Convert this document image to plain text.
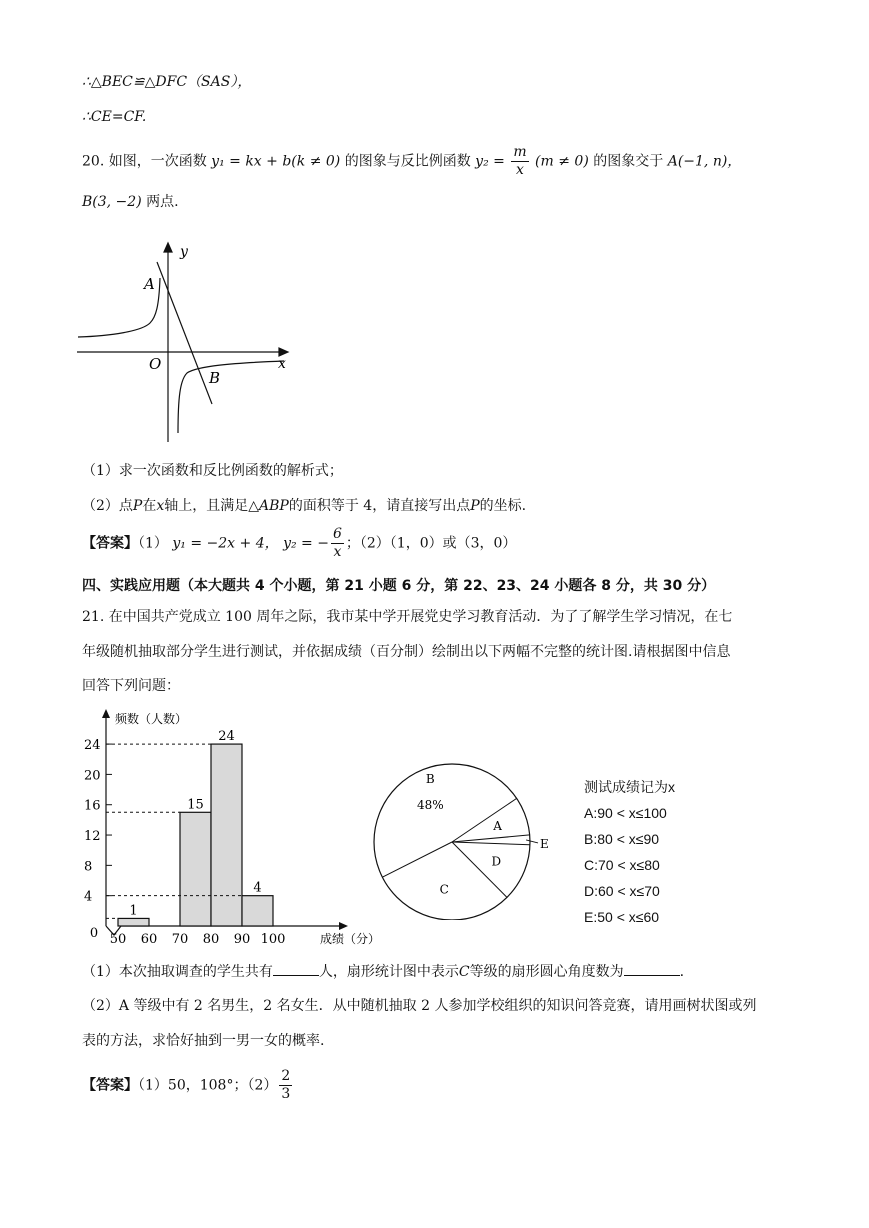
∴△BEC≌△DFC（SAS），
∴CE=CF.
20. 如图，一次函数 y₁ = kx + b(k ≠ 0) 的图象与反比例函数 $y_2 = \frac{m}{x} (m \ne 0)$ 的图象交于 A(−1, n)，
B(3, −2) 两点.
y
x
O
A
B
（1）求一次函数和反比例函数的解析式；
（2）点P在x轴上，且满足△ABP的面积等于 4，请直接写出点P的坐标.
【答案】（1） y₁ = −2x + 4， y₂ = − $\frac{6}{x}$ ；（2）（1，0）或（3，0）
四、实践应用题（本大题共 4 个小题，第 21 小题 6 分，第 22、23、24 小题各 8 分，共 30 分）
21. 在中国共产党成立 100 周年之际，我市某中学开展党史学习教育活动．为了了解学生学习情况，在七
年级随机抽取部分学生进行测试，并依据成绩（百分制）绘制出以下两幅不完整的统计图.请根据图中信息
回答下列问题：
0
频数（人数）
4
8
12
16
20
24
1
15
24
4
50 60 70 80 90 100	成绩（分）
B
48%
A
D
C
E
测试成绩记为x
A:90 < x≤100
B:80 < x≤90
C:70 < x≤80
D:60 < x≤70
E:50 < x≤60
（1）本次抽取调查的学生共有	人，扇形统计图中表示C等级的扇形圆心角度数为	.
（2）A 等级中有 2 名男生，2 名女生．从中随机抽取 2 人参加学校组织的知识问答竞赛，请用画树状图或列
表的方法，求恰好抽到一男一女的概率.
【答案】（1）50，108°；$(2) \frac{2}{3}$
